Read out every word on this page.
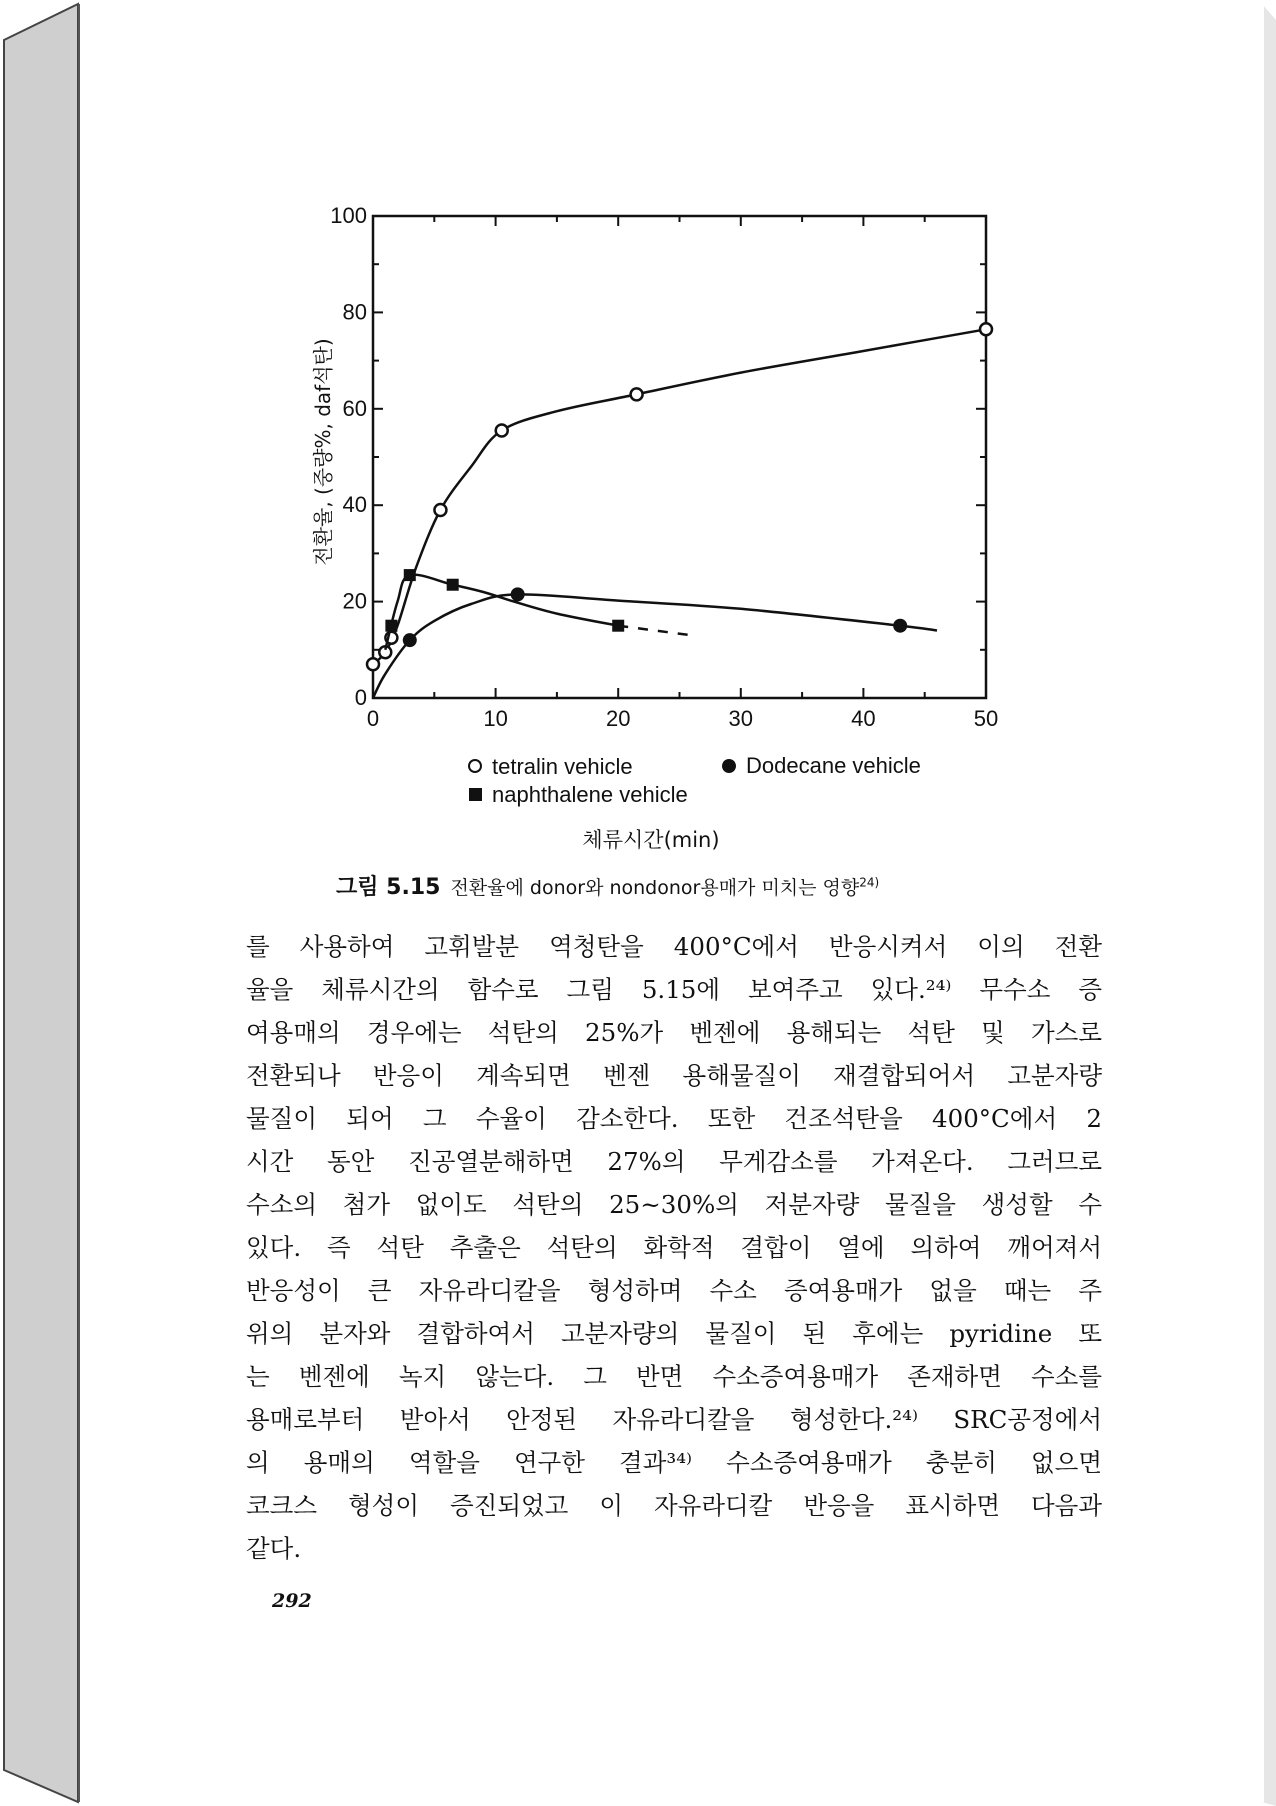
0
20
40
60
80
100
0	10	20	30	40	50
전환율, (중량%, daf석탄)
체류시간(min)
tetralin vehicle	Dodecane vehicle
naphthalene vehicle
그림 5.15 전환율에 donor와 nondonor용매가 미치는 영향$^{24)}$
를 사용하여 고휘발분 역청탄을 400°C에서 반응시켜서 이의 전환
율을 체류시간의 함수로 그림 5.15에 보여주고 있다.²⁴⁾ 무수소 증
여용매의 경우에는 석탄의 25%가 벤젠에 용해되는 석탄 및 가스로
전환되나 반응이 계속되면 벤젠 용해물질이 재결합되어서 고분자량
물질이 되어 그 수율이 감소한다. 또한 건조석탄을 400°C에서 2
시간 동안 진공열분해하면 27%의 무게감소를 가져온다. 그러므로
수소의 첨가 없이도 석탄의 25~30%의 저분자량 물질을 생성할 수
있다. 즉 석탄 추출은 석탄의 화학적 결합이 열에 의하여 깨어져서
반응성이 큰 자유라디칼을 형성하며 수소 증여용매가 없을 때는 주
위의 분자와 결합하여서 고분자량의 물질이 된 후에는 pyridine 또
는 벤젠에 녹지 않는다. 그 반면 수소증여용매가 존재하면 수소를
용매로부터 받아서 안정된 자유라디칼을 형성한다.²⁴⁾ SRC공정에서
의 용매의 역할을 연구한 결과³⁴⁾ 수소증여용매가 충분히 없으면
코크스 형성이 증진되었고 이 자유라디칼 반응을 표시하면 다음과
같다.
292
